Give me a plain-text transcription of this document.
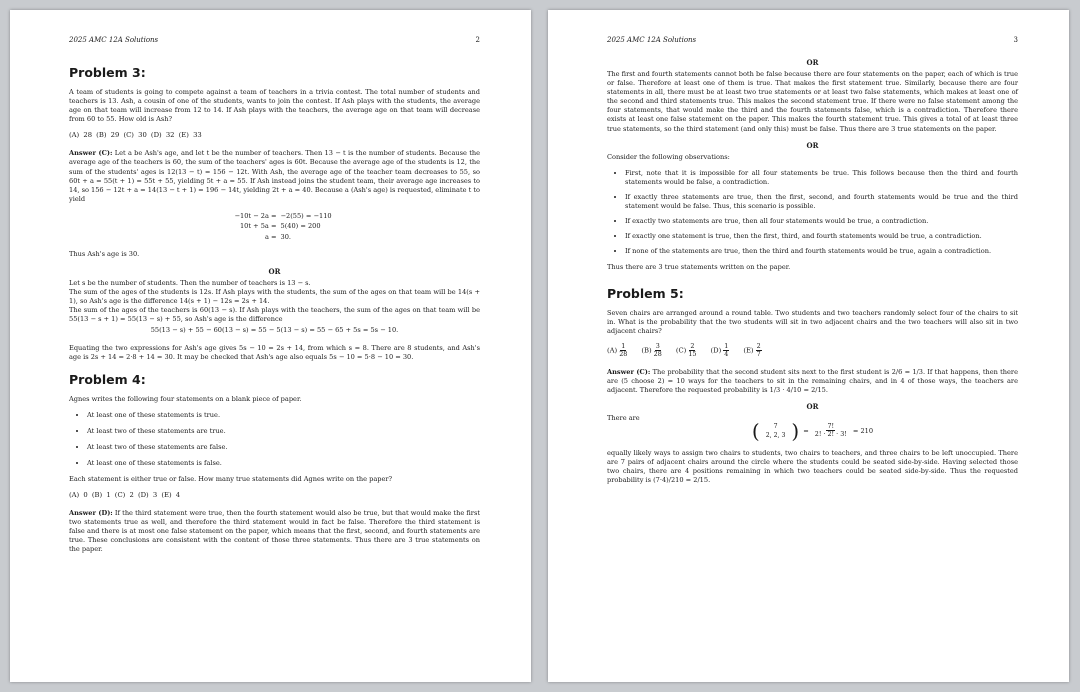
2025 AMC 12A Solutions	2
Problem 3:

A team of students is going to compete against a team of teachers in a trivia contest. The total number of students and teachers is 13. Ash, a cousin of one of the students, wants to join the contest. If Ash plays with the students, the average age on that team will increase from 12 to 14. If Ash plays with the teachers, the average age on that team will decrease from 60 to 55. How old is Ash?

(A) 28 (B) 29 (C) 30 (D) 32 (E) 33

Answer (C): Let a be Ash's age, and let t be the number of teachers. Then 13 − t is the number of students. Because the average age of the teachers is 60, the sum of the teachers' ages is 60t. Because the average age of the students is 12, the sum of the students' ages is 12(13 − t) = 156 − 12t. With Ash, the average age of the teacher team decreases to 55, so 60t + a = 55(t + 1) = 55t + 55, yielding 5t + a = 55. If Ash instead joins the student team, their average age increases to 14, so 156 − 12t + a = 14(13 − t + 1) = 196 − 14t, yielding 2t + a = 40. Because a (Ash's age) is requested, eliminate t to yield

−10t − 2a = −2(55) = −110
10t + 5a = 5(40) = 200
a = 30.

Thus Ash's age is 30.

OR

Let s be the number of students. Then the number of teachers is 13 − s.

The sum of the ages of the students is 12s. If Ash plays with the students, the sum of the ages on that team will be 14(s + 1), so Ash's age is the difference 14(s + 1) − 12s = 2s + 14.

The sum of the ages of the teachers is 60(13 − s). If Ash plays with the teachers, the sum of the ages on that team will be 55(13 − s + 1) = 55(13 − s) + 55, so Ash's age is the difference

55(13 − s) + 55 − 60(13 − s) = 55 − 5(13 − s) = 55 − 65 + 5s = 5s − 10.

Equating the two expressions for Ash's age gives 5s − 10 = 2s + 14, from which s = 8. There are 8 students, and Ash's age is 2s + 14 = 2·8 + 14 = 30. It may be checked that Ash's age also equals 5s − 10 = 5·8 − 10 = 30.

Problem 4:

Agnes writes the following four statements on a blank piece of paper.

• At least one of these statements is true.
• At least two of these statements are true.
• At least two of these statements are false.
• At least one of these statements is false.

Each statement is either true or false. How many true statements did Agnes write on the paper?

(A) 0 (B) 1 (C) 2 (D) 3 (E) 4

Answer (D): If the third statement were true, then the fourth statement would also be true, but that would make the first two statements true as well, and therefore the third statement would in fact be false. Therefore the third statement is false and there is at most one false statement on the paper, which means that the first, second, and fourth statements are true. These conclusions are consistent with the content of those three statements. Thus there are 3 true statements on the paper.

2025 AMC 12A Solutions	3
OR

The first and fourth statements cannot both be false because there are four statements on the paper, each of which is true or false. Therefore at least one of them is true. That makes the first statement true. Similarly, because there are four statements in all, there must be at least two true statements or at least two false statements, which makes at least one of the second and third statements true. This makes the second statement true. If there were no false statement among the four statements, that would make the third and the fourth statements false, which is a contradiction. Therefore there exists at least one false statement on the paper. This makes the fourth statement true. This gives a total of at least three true statements, so the third statement (and only this) must be false. Thus there are 3 true statements on the paper.

OR

Consider the following observations:

• First, note that it is impossible for all four statements be true. This follows because then the third and fourth statements would be false, a contradiction.
• If exactly three statements are true, then the first, second, and fourth statements would be true and the third statement would be false. Thus, this scenario is possible.
• If exactly two statements are true, then all four statements would be true, a contradiction.
• If exactly one statement is true, then the first, third, and fourth statements would be true, a contradiction.
• If none of the statements are true, then the third and fourth statements would be true, again a contradiction.

Thus there are 3 true statements written on the paper.

Problem 5:

Seven chairs are arranged around a round table. Two students and two teachers randomly select four of the chairs to sit in. What is the probability that the two students will sit in two adjacent chairs and the two teachers will also sit in two adjacent chairs?

$(A) \frac{1}{28} (B) \frac{3}{28} (C) \frac{2}{15} (D) \frac{1}{4} (E) \frac{2}{7}$

Answer (C): The probability that the second student sits next to the first student is 2/6 = 1/3. If that happens, then there are (5 choose 2) = 10 ways for the teachers to sit in the remaining chairs, and in 4 of those ways, the teachers are adjacent. Therefore the requested probability is 1/3 · 4/10 = 2/15.

OR

There are

( 7
2, 2, 3 ) = $\frac{7!}{2! \cdot 2! \cdot 3!} = 210$

equally likely ways to assign two chairs to students, two chairs to teachers, and three chairs to be left unoccupied. There are 7 pairs of adjacent chairs around the circle where the students could be seated side-by-side. Having selected those two chairs, there are 4 positions remaining in which two teachers could be seated side-by-side. Thus the requested probability is (7·4)/210 = 2/15.
